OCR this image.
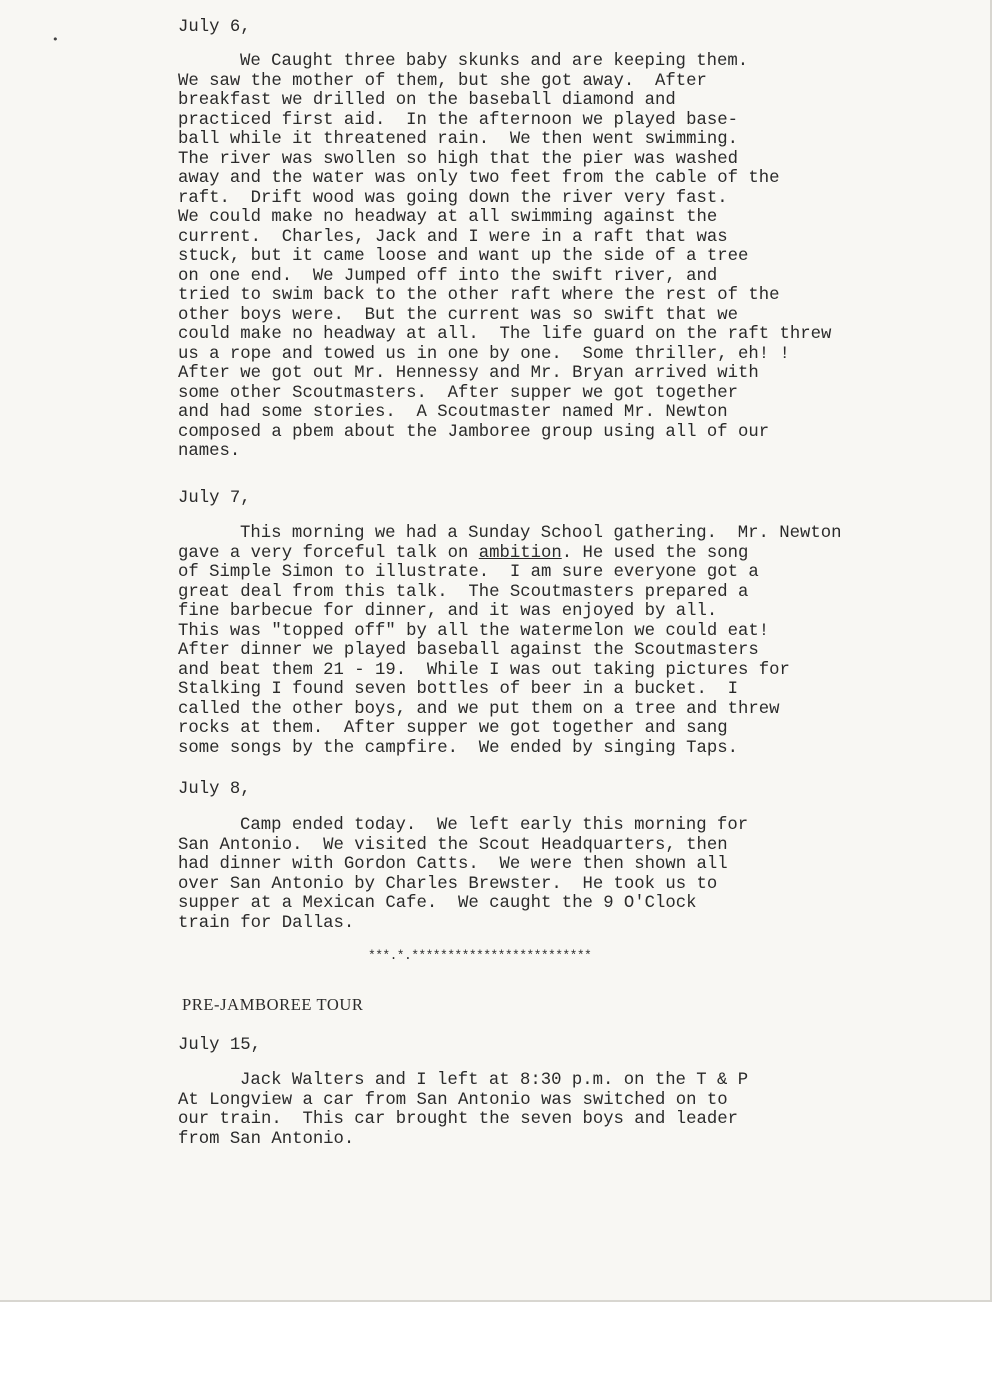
•
July 6,
We Caught three baby skunks and are keeping them.
We saw the mother of them, but she got away.  After
breakfast we drilled on the baseball diamond and
practiced first aid.  In the afternoon we played base-
ball while it threatened rain.  We then went swimming.
The river was swollen so high that the pier was washed
away and the water was only two feet from the cable of the
raft.  Drift wood was going down the river very fast.
We could make no headway at all swimming against the
current.  Charles, Jack and I were in a raft that was
stuck, but it came loose and want up the side of a tree
on one end.  We Jumped off into the swift river, and
tried to swim back to the other raft where the rest of the
other boys were.  But the current was so swift that we
could make no headway at all.  The life guard on the raft threw
us a rope and towed us in one by one.  Some thriller, eh! !
After we got out Mr. Hennessy and Mr. Bryan arrived with
some other Scoutmasters.  After supper we got together
and had some stories.  A Scoutmaster named Mr. Newton
composed a pbem about the Jamboree group using all of our
names.
July 7,
This morning we had a Sunday School gathering.  Mr. Newton
gave a very forceful talk on ambition. He used the song
of Simple Simon to illustrate.  I am sure everyone got a
great deal from this talk.  The Scoutmasters prepared a
fine barbecue for dinner, and it was enjoyed by all.
This was "topped off" by all the watermelon we could eat!
After dinner we played baseball against the Scoutmasters
and beat them 21 - 19.  While I was out taking pictures for
Stalking I found seven bottles of beer in a bucket.  I
called the other boys, and we put them on a tree and threw
rocks at them.  After supper we got together and sang
some songs by the campfire.  We ended by singing Taps.
July 8,
Camp ended today.  We left early this morning for
San Antonio.  We visited the Scout Headquarters, then
had dinner with Gordon Catts.  We were then shown all
over San Antonio by Charles Brewster.  He took us to
supper at a Mexican Cafe.  We caught the 9 O'Clock
train for Dallas.
***.*.*************************
PRE-JAMBOREE TOUR
July 15,
Jack Walters and I left at 8:30 p.m. on the T & P
At Longview a car from San Antonio was switched on to
our train.  This car brought the seven boys and leader
from San Antonio.
